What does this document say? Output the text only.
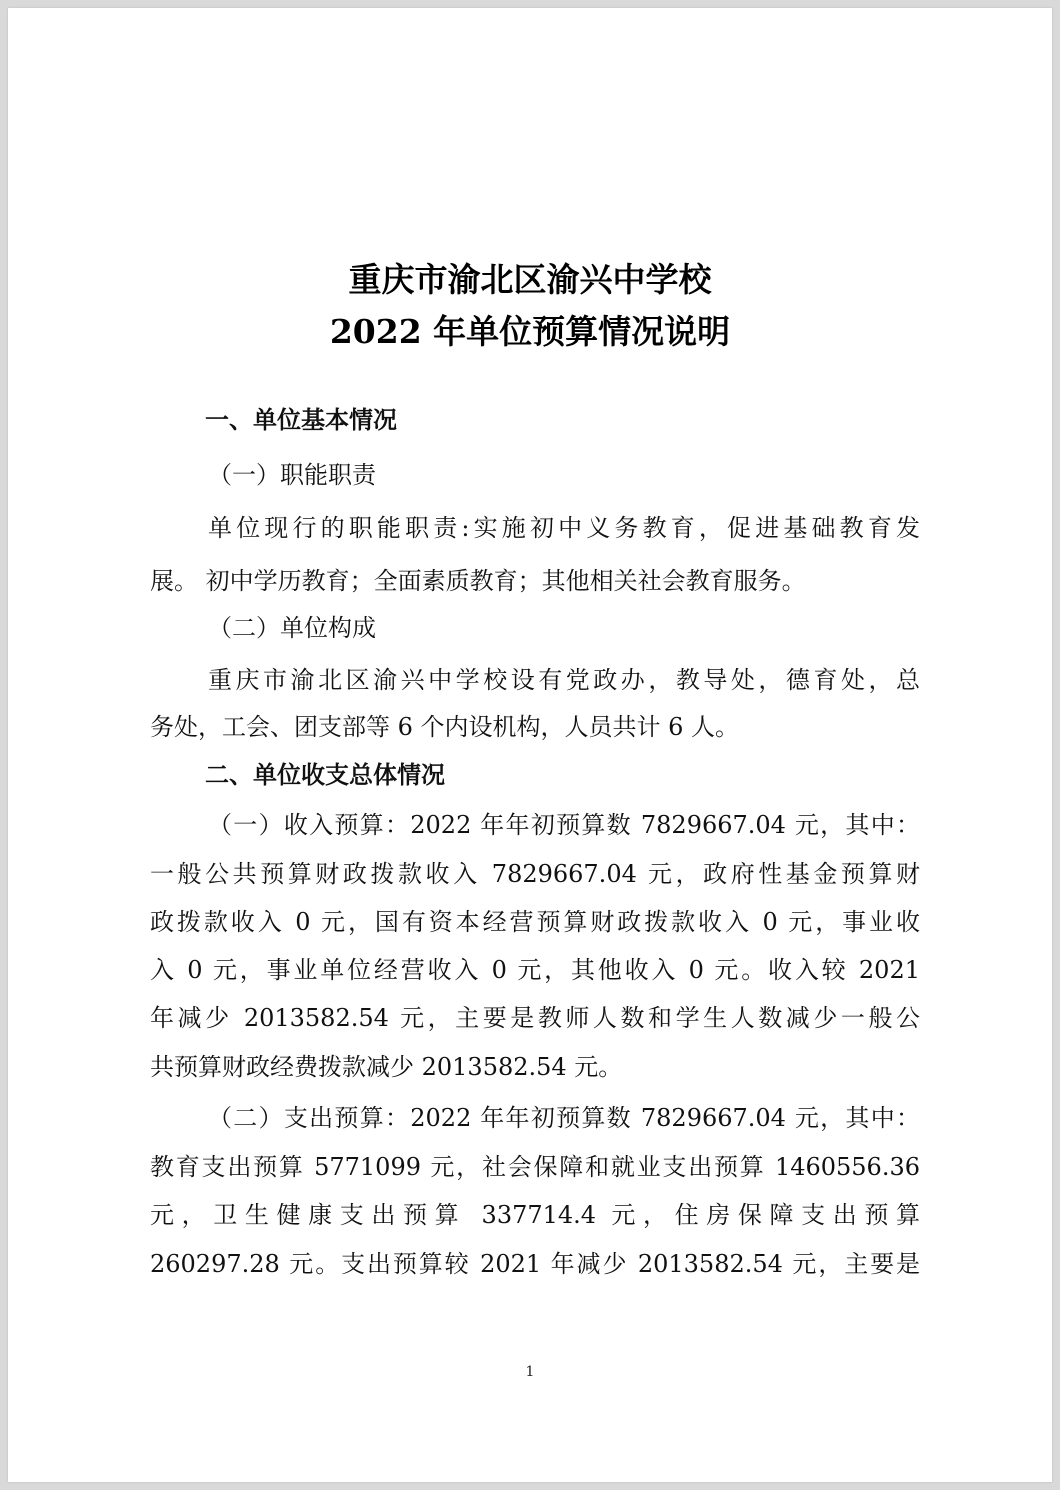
重庆市渝北区渝兴中学校
2022 年单位预算情况说明
一、单位基本情况
（一）职能职责
单位现行的职能职责:实施初中义务教育，促进基础教育发
展。 初中学历教育；全面素质教育；其他相关社会教育服务。
（二）单位构成
重庆市渝北区渝兴中学校设有党政办，教导处，德育处，总
务处，工会、团支部等 6 个内设机构，人员共计 6 人。
二、单位收支总体情况
（一）收入预算：2022 年年初预算数 7829667.04 元，其中：
一般公共预算财政拨款收入 7829667.04 元，政府性基金预算财
政拨款收入 0 元，国有资本经营预算财政拨款收入 0 元，事业收
入 0 元，事业单位经营收入 0 元，其他收入 0 元。收入较 2021
年减少 2013582.54 元，主要是教师人数和学生人数减少一般公
共预算财政经费拨款减少 2013582.54 元。
（二）支出预算：2022 年年初预算数 7829667.04 元，其中：
教育支出预算 5771099 元，社会保障和就业支出预算 1460556.36
元，卫生健康支出预算 337714.4 元，住房保障支出预算
260297.28 元。支出预算较 2021 年减少 2013582.54 元，主要是
1
